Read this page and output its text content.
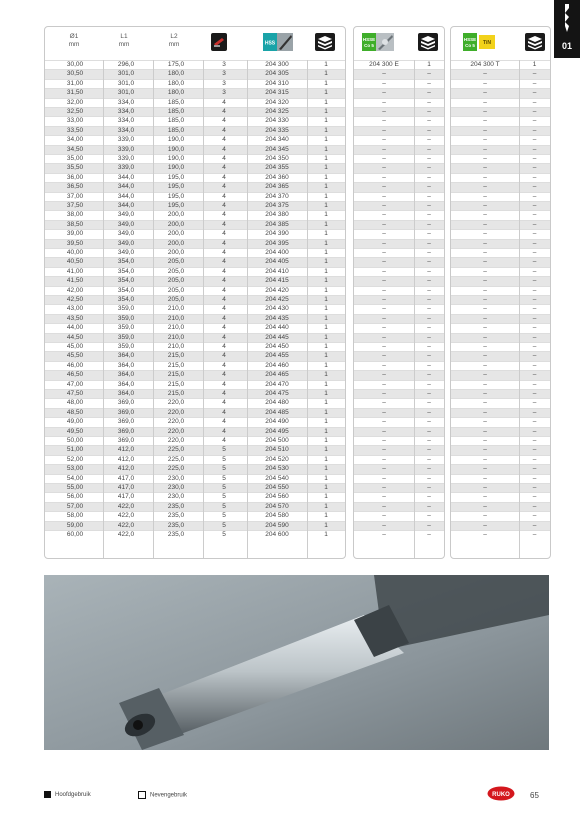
01
Ø1
mm
L1
mm
L2
mm	HSS
30,00	296,0	175,0	3	204 300	1
30,50	301,0	180,0	3	204 305	1
31,00	301,0	180,0	3	204 310	1
31,50	301,0	180,0	3	204 315	1
32,00	334,0	185,0	4	204 320	1
32,50	334,0	185,0	4	204 325	1
33,00	334,0	185,0	4	204 330	1
33,50	334,0	185,0	4	204 335	1
34,00	339,0	190,0	4	204 340	1
34,50	339,0	190,0	4	204 345	1
35,00	339,0	190,0	4	204 350	1
35,50	339,0	190,0	4	204 355	1
36,00	344,0	195,0	4	204 360	1
36,50	344,0	195,0	4	204 365	1
37,00	344,0	195,0	4	204 370	1
37,50	344,0	195,0	4	204 375	1
38,00	349,0	200,0	4	204 380	1
38,50	349,0	200,0	4	204 385	1
39,00	349,0	200,0	4	204 390	1
39,50	349,0	200,0	4	204 395	1
40,00	349,0	200,0	4	204 400	1
40,50	354,0	205,0	4	204 405	1
41,00	354,0	205,0	4	204 410	1
41,50	354,0	205,0	4	204 415	1
42,00	354,0	205,0	4	204 420	1
42,50	354,0	205,0	4	204 425	1
43,00	359,0	210,0	4	204 430	1
43,50	359,0	210,0	4	204 435	1
44,00	359,0	210,0	4	204 440	1
44,50	359,0	210,0	4	204 445	1
45,00	359,0	210,0	4	204 450	1
45,50	364,0	215,0	4	204 455	1
46,00	364,0	215,0	4	204 460	1
46,50	364,0	215,0	4	204 465	1
47,00	364,0	215,0	4	204 470	1
47,50	364,0	215,0	4	204 475	1
48,00	369,0	220,0	4	204 480	1
48,50	369,0	220,0	4	204 485	1
49,00	369,0	220,0	4	204 490	1
49,50	369,0	220,0	4	204 495	1
50,00	369,0	220,0	4	204 500	1
51,00	412,0	225,0	5	204 510	1
52,00	412,0	225,0	5	204 520	1
53,00	412,0	225,0	5	204 530	1
54,00	417,0	230,0	5	204 540	1
55,00	417,0	230,0	5	204 550	1
56,00	417,0	230,0	5	204 560	1
57,00	422,0	235,0	5	204 570	1
58,00	422,0	235,0	5	204 580	1
59,00	422,0	235,0	5	204 590	1
60,00	422,0	235,0	5	204 600	1
HSSE
Co 5
204 300 E	1
–	–
–	–
–	–
–	–
–	–
–	–
–	–
–	–
–	–
–	–
–	–
–	–
–	–
–	–
–	–
–	–
–	–
–	–
–	–
–	–
–	–
–	–
–	–
–	–
–	–
–	–
–	–
–	–
–	–
–	–
–	–
–	–
–	–
–	–
–	–
–	–
–	–
–	–
–	–
–	–
–	–
–	–
–	–
–	–
–	–
–	–
–	–
–	–
–	–
–	–
HSSE
Co 5 TiN
204 300 T	1
–	–
–	–
–	–
–	–
–	–
–	–
–	–
–	–
–	–
–	–
–	–
–	–
–	–
–	–
–	–
–	–
–	–
–	–
–	–
–	–
–	–
–	–
–	–
–	–
–	–
–	–
–	–
–	–
–	–
–	–
–	–
–	–
–	–
–	–
–	–
–	–
–	–
–	–
–	–
–	–
–	–
–	–
–	–
–	–
–	–
–	–
–	–
–	–
–	–
–	–
Hoofdgebruik	Nevengebruik	RUKO	65
